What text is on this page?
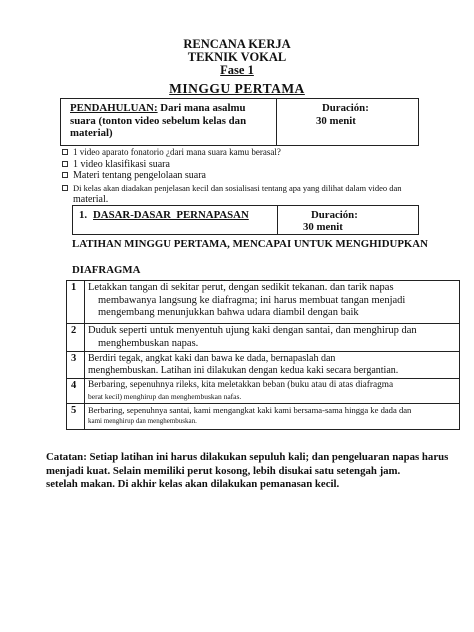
RENCANA KERJA
TEKNIK VOKAL
Fase 1
MINGGU PERTAMA
PENDAHULUAN: Dari mana asalmu
suara (tonton video sebelum kelas dan
material)
Duración:
30 menit
1 video aparato fonatorio ¿dari mana suara kamu berasal?
1 video klasifikasi suara
Materi tentang pengelolaan suara
Di kelas akan diadakan penjelasan kecil dan sosialisasi tentang apa yang dilihat dalam video dan
material.
1. DASAR-DASAR  PERNAPASAN	Duración:
30 menit
LATIHAN MINGGU PERTAMA, MENCAPAI UNTUK MENGHIDUPKAN
DIAFRAGMA
1	Letakkan tangan di sekitar perut, dengan sedikit tekanan. dan tarik napas
membawanya langsung ke diafragma; ini harus membuat tangan menjadi
mengembang menunjukkan bahwa udara diambil dengan baik

2	Duduk seperti untuk menyentuh ujung kaki dengan santai, dan menghirup dan
menghembuskan napas.

3	Berdiri tegak, angkat kaki dan bawa ke dada, bernapaslah dan
menghembuskan. Latihan ini dilakukan dengan kedua kaki secara bergantian.

4	Berbaring, sepenuhnya rileks, kita meletakkan beban (buku atau di atas diafragma
berat kecil) menghirup dan menghembuskan nafas.

5	Berbaring, sepenuhnya santai, kami mengangkat kaki kami bersama-sama hingga ke dada dan
kami menghirup dan menghembuskan.
Catatan: Setiap latihan ini harus dilakukan sepuluh kali; dan pengeluaran napas harus
menjadi kuat. Selain memiliki perut kosong, lebih disukai satu setengah jam.
setelah makan. Di akhir kelas akan dilakukan pemanasan kecil.
